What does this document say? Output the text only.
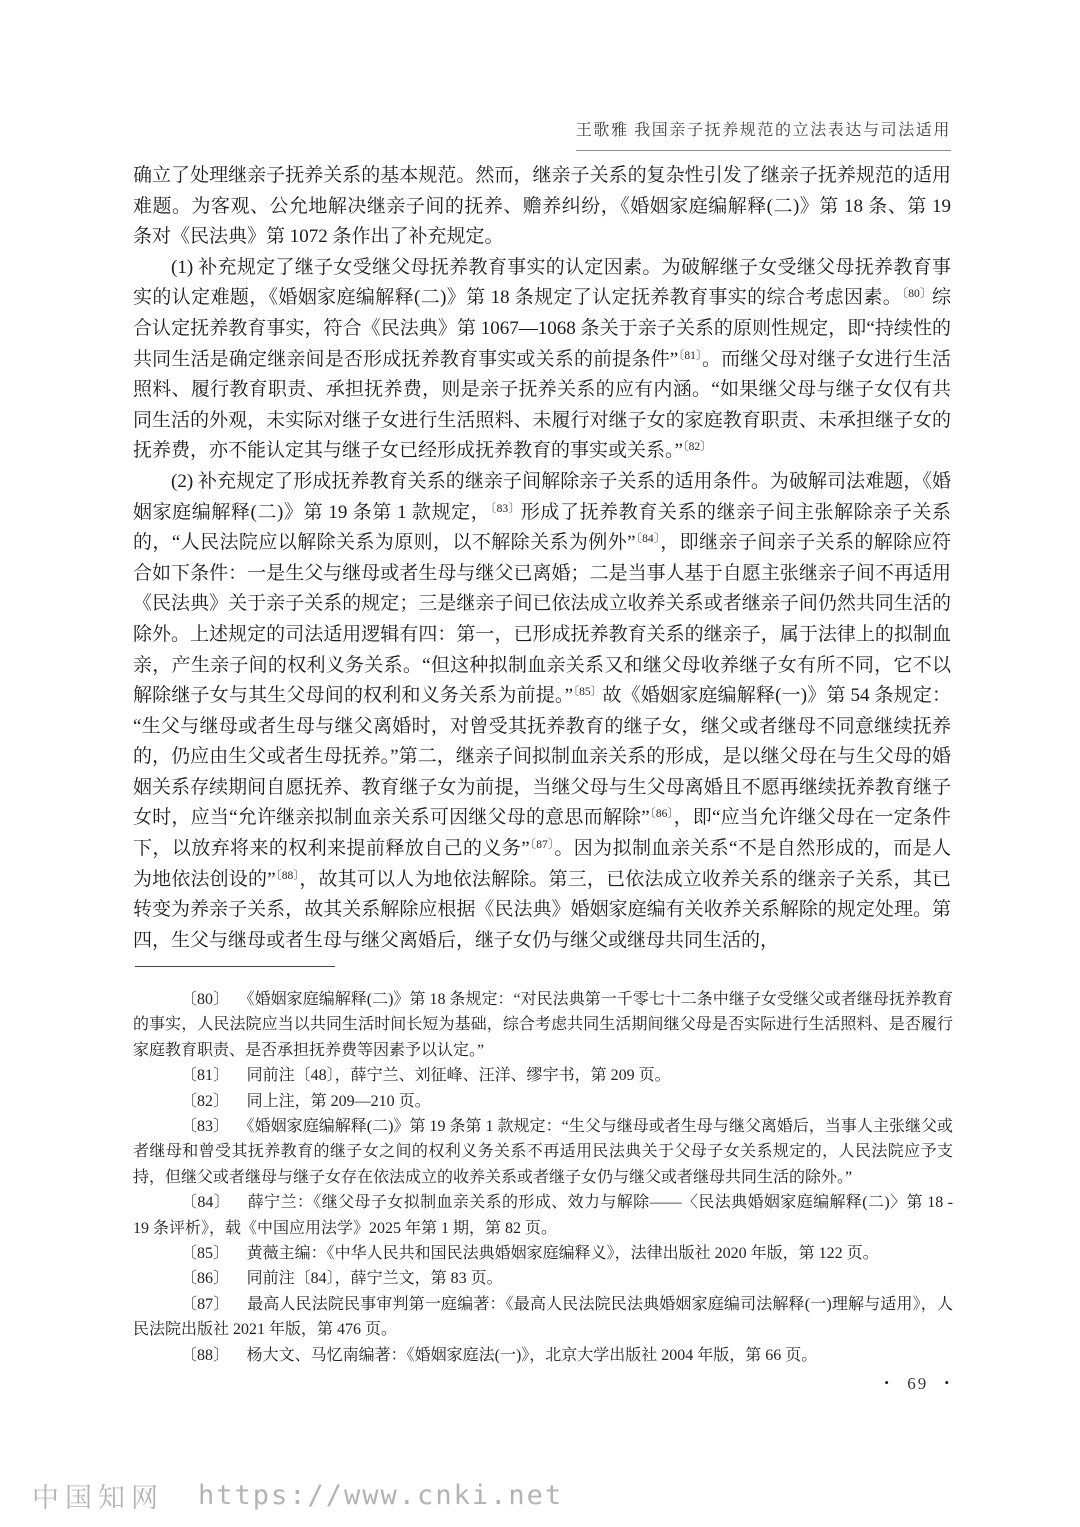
王歌雅 我国亲子抚养规范的立法表达与司法适用

确立了处理继亲子抚养关系的基本规范。然而，继亲子关系的复杂性引发了继亲子抚养规范的适用难题。为客观、公允地解决继亲子间的抚养、赡养纠纷，《婚姻家庭编解释(二)》第 18 条、第 19 条对《民法典》第 1072 条作出了补充规定。

(1) 补充规定了继子女受继父母抚养教育事实的认定因素。为破解继子女受继父母抚养教育事实的认定难题，《婚姻家庭编解释(二)》第 18 条规定了认定抚养教育事实的综合考虑因素。$^{〔80〕}$综合认定抚养教育事实，符合《民法典》第 1067—1068 条关于亲子关系的原则性规定，即“持续性的共同生活是确定继亲间是否形成抚养教育事实或关系的前提条件”$^{〔81〕}$。而继父母对继子女进行生活照料、履行教育职责、承担抚养费，则是亲子抚养关系的应有内涵。“如果继父母与继子女仅有共同生活的外观，未实际对继子女进行生活照料、未履行对继子女的家庭教育职责、未承担继子女的抚养费，亦不能认定其与继子女已经形成抚养教育的事实或关系。”$^{〔82〕}$

(2) 补充规定了形成抚养教育关系的继亲子间解除亲子关系的适用条件。为破解司法难题，《婚姻家庭编解释(二)》第 19 条第 1 款规定，$^{〔83〕}$形成了抚养教育关系的继亲子间主张解除亲子关系的，“人民法院应以解除关系为原则，以不解除关系为例外”$^{〔84〕}$，即继亲子间亲子关系的解除应符合如下条件：一是生父与继母或者生母与继父已离婚；二是当事人基于自愿主张继亲子间不再适用《民法典》关于亲子关系的规定；三是继亲子间已依法成立收养关系或者继亲子间仍然共同生活的除外。上述规定的司法适用逻辑有四：第一，已形成抚养教育关系的继亲子，属于法律上的拟制血亲，产生亲子间的权利义务关系。“但这种拟制血亲关系又和继父母收养继子女有所不同，它不以解除继子女与其生父母间的权利和义务关系为前提。”$^{〔85〕}$故《婚姻家庭编解释(一)》第 54 条规定：“生父与继母或者生母与继父离婚时，对曾受其抚养教育的继子女，继父或者继母不同意继续抚养的，仍应由生父或者生母抚养。”第二，继亲子间拟制血亲关系的形成，是以继父母在与生父母的婚姻关系存续期间自愿抚养、教育继子女为前提，当继父母与生父母离婚且不愿再继续抚养教育继子女时，应当“允许继亲拟制血亲关系可因继父母的意思而解除”$^{〔86〕}$，即“应当允许继父母在一定条件下，以放弃将来的权利来提前释放自己的义务”$^{〔87〕}$。因为拟制血亲关系“不是自然形成的，而是人为地依法创设的”$^{〔88〕}$，故其可以人为地依法解除。第三，已依法成立收养关系的继亲子关系，其已转变为养亲子关系，故其关系解除应根据《民法典》婚姻家庭编有关收养关系解除的规定处理。第四，生父与继母或者生母与继父离婚后，继子女仍与继父或继母共同生活的，

〔80〕 《婚姻家庭编解释(二)》第 18 条规定：“对民法典第一千零七十二条中继子女受继父或者继母抚养教育的事实，人民法院应当以共同生活时间长短为基础，综合考虑共同生活期间继父母是否实际进行生活照料、是否履行家庭教育职责、是否承担抚养费等因素予以认定。”

〔81〕 同前注〔48〕，薛宁兰、刘征峰、汪洋、缪宇书，第 209 页。

〔82〕 同上注，第 209—210 页。

〔83〕 《婚姻家庭编解释(二)》第 19 条第 1 款规定：“生父与继母或者生母与继父离婚后，当事人主张继父或者继母和曾受其抚养教育的继子女之间的权利义务关系不再适用民法典关于父母子女关系规定的，人民法院应予支持，但继父或者继母与继子女存在依法成立的收养关系或者继子女仍与继父或者继母共同生活的除外。”

〔84〕 薛宁兰：《继父母子女拟制血亲关系的形成、效力与解除——〈民法典婚姻家庭编解释(二)〉第 18 - 19 条评析》，载《中国应用法学》2025 年第 1 期，第 82 页。

〔85〕 黄薇主编：《中华人民共和国民法典婚姻家庭编释义》，法律出版社 2020 年版，第 122 页。

〔86〕 同前注〔84〕，薛宁兰文，第 83 页。

〔87〕 最高人民法院民事审判第一庭编著：《最高人民法院民法典婚姻家庭编司法解释(一)理解与适用》，人民法院出版社 2021 年版，第 476 页。

〔88〕 杨大文、马忆南编著：《婚姻家庭法(一)》，北京大学出版社 2004 年版，第 66 页。

• 69 •
中国知网 https://www.cnki.net
